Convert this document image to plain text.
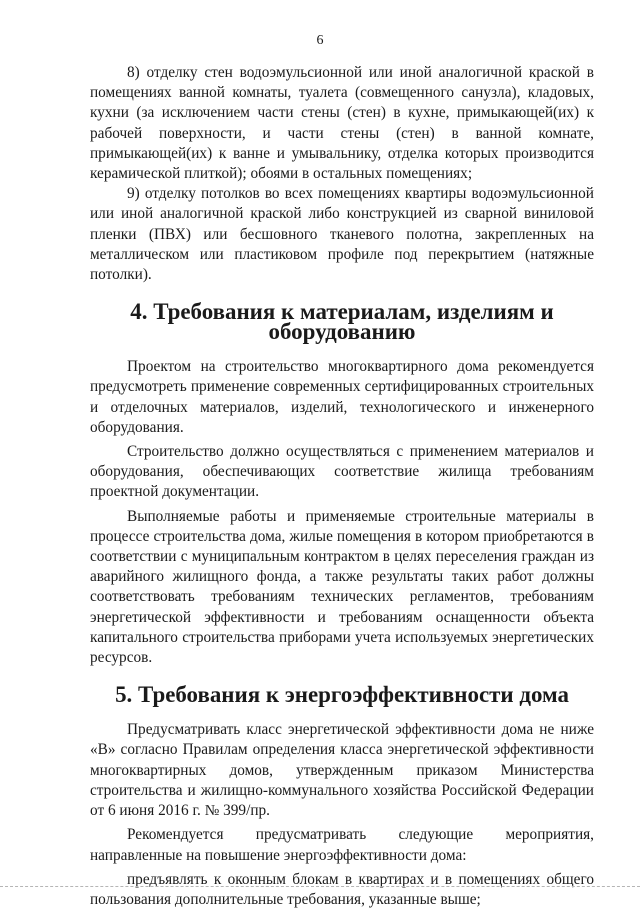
6

8) отделку стен водоэмульсионной или иной аналогичной краской в помещениях ванной комнаты, туалета (совмещенного санузла), кладовых, кухни (за исключением части стены (стен) в кухне, примыкающей(их) к рабочей поверхности, и части стены (стен) в ванной комнате, примыкающей(их) к ванне и умывальнику, отделка которых производится керамической плиткой); обоями в остальных помещениях;

9) отделку потолков во всех помещениях квартиры водоэмульсионной или иной аналогичной краской либо конструкцией из сварной виниловой пленки (ПВХ) или бесшовного тканевого полотна, закрепленных на металлическом или пластиковом профиле под перекрытием (натяжные потолки).

4. Требования к материалам, изделиям и оборудованию

Проектом на строительство многоквартирного дома рекомендуется предусмотреть применение современных сертифицированных строительных и отделочных материалов, изделий, технологического и инженерного оборудования.

Строительство должно осуществляться с применением материалов и оборудования, обеспечивающих соответствие жилища требованиям проектной документации.

Выполняемые работы и применяемые строительные материалы в процессе строительства дома, жилые помещения в котором приобретаются в соответствии с муниципальным контрактом в целях переселения граждан из аварийного жилищного фонда, а также результаты таких работ должны соответствовать требованиям технических регламентов, требованиям энергетической эффективности и требованиям оснащенности объекта капитального строительства приборами учета используемых энергетических ресурсов.

5. Требования к энергоэффективности дома

Предусматривать класс энергетической эффективности дома не ниже «В» согласно Правилам определения класса энергетической эффективности многоквартирных домов, утвержденным приказом Министерства строительства и жилищно-коммунального хозяйства Российской Федерации от 6 июня 2016 г. № 399/пр.

Рекомендуется предусматривать следующие мероприятия, направленные на повышение энергоэффективности дома:

предъявлять к оконным блокам в квартирах и в помещениях общего пользования дополнительные требования, указанные выше;
